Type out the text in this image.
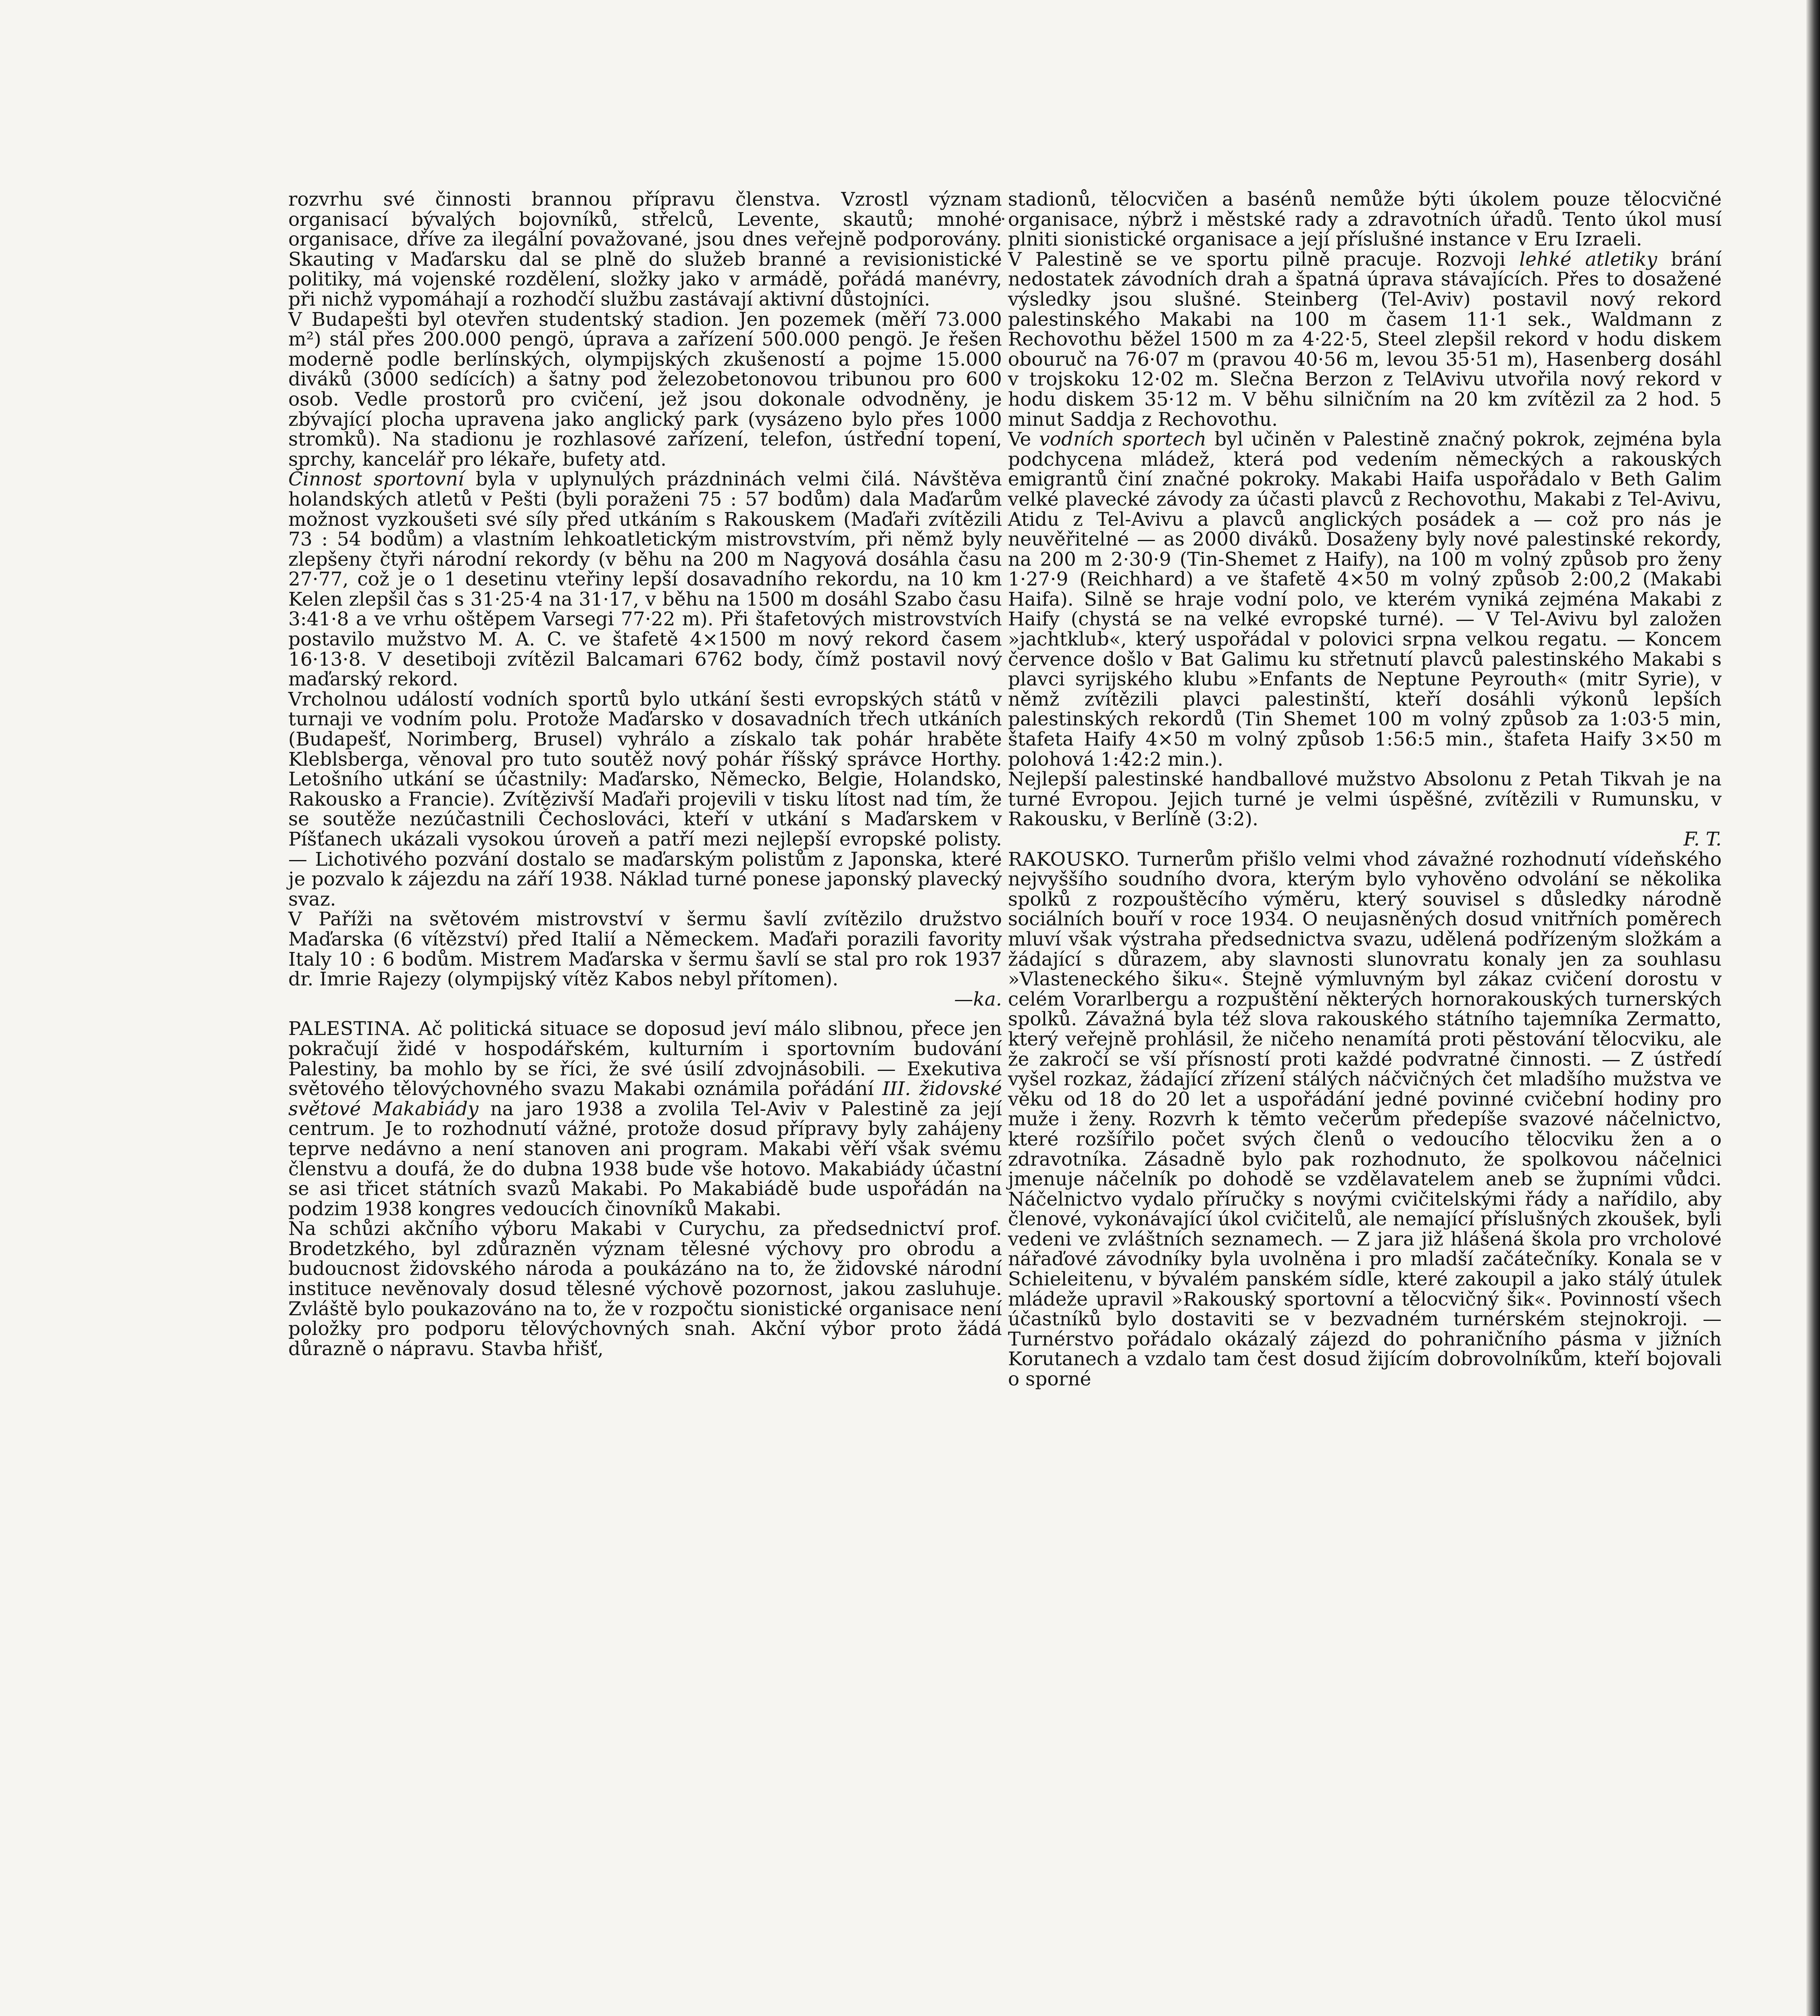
rozvrhu své činnosti brannou přípravu členstva. Vzrostl význam organisací bývalých bojovníků, střelců, Levente, skautů; mnohé organisace, dříve za ilegální považované, jsou dnes veřejně podporovány. Skauting v Maďarsku dal se plně do služeb branné a revisionistické politiky, má vojenské rozdělení, složky jako v armádě, pořádá manévry, při nichž vypomáhají a rozhodčí službu zastávají aktivní důstojníci.

V Budapešti byl otevřen studentský stadion. Jen pozemek (měří 73.000 m²) stál přes 200.000 pengö, úprava a zařízení 500.000 pengö. Je řešen moderně podle berlínských, olympijských zkušeností a pojme 15.000 diváků (3000 sedících) a šatny pod železobetonovou tribunou pro 600 osob. Vedle prostorů pro cvičení, jež jsou dokonale odvodněny, je zbývající plocha upravena jako anglický park (vysázeno bylo přes 1000 stromků). Na stadionu je rozhlasové zařízení, telefon, ústřední topení, sprchy, kancelář pro lékaře, bufety atd.

Činnost sportovní byla v uplynulých prázdninách velmi čilá. Návštěva holandských atletů v Pešti (byli poraženi 75 : 57 bodům) dala Maďarům možnost vyzkoušeti své síly před utkáním s Rakouskem (Maďaři zvítězili 73 : 54 bodům) a vlastním lehkoatletickým mistrovstvím, při němž byly zlepšeny čtyři národní rekordy (v běhu na 200 m Nagyová dosáhla času 27·77, což je o 1 desetinu vteřiny lepší dosavadního rekordu, na 10 km Kelen zlepšil čas s 31·25·4 na 31·17, v běhu na 1500 m dosáhl Szabo času 3:41·8 a ve vrhu oštěpem Varsegi 77·22 m). Při štafetových mistrovstvích postavilo mužstvo M. A. C. ve štafetě 4×1500 m nový rekord časem 16·13·8. V desetiboji zvítězil Balcamari 6762 body, čímž postavil nový maďarský rekord.

Vrcholnou událostí vodních sportů bylo utkání šesti evropských států v turnaji ve vodním polu. Protože Maďarsko v dosavadních třech utkáních (Budapešť, Norimberg, Brusel) vyhrálo a získalo tak pohár hraběte Kleblsberga, věnoval pro tuto soutěž nový pohár říšský správce Horthy. Letošního utkání se účastnily: Maďarsko, Německo, Belgie, Holandsko, Rakousko a Francie). Zvítězivší Maďaři projevili v tisku lítost nad tím, že se soutěže nezúčastnili Čechoslováci, kteří v utkání s Maďarskem v Píšťanech ukázali vysokou úroveň a patří mezi nejlepší evropské polisty. — Lichotivého pozvání dostalo se maďarským polistům z Japonska, které je pozvalo k zájezdu na září 1938. Náklad turné ponese japonský plavecký svaz.

V Paříži na světovém mistrovství v šermu šavlí zvítězilo družstvo Maďarska (6 vítězství) před Italií a Německem. Maďaři porazili favority Italy 10 : 6 bodům. Mistrem Maďarska v šermu šavlí se stal pro rok 1937 dr. Imrie Rajezy (olympijský vítěz Kabos nebyl přítomen).
—ka.

PALESTINA. Ač politická situace se doposud jeví málo slibnou, přece jen pokračují židé v hospodářském, kulturním i sportovním budování Palestiny, ba mohlo by se říci, že své úsilí zdvojnásobili. — Exekutiva světového tělovýchovného svazu Makabi oznámila pořádání III. židovské světové Makabiády na jaro 1938 a zvolila Tel-Aviv v Palestině za její centrum. Je to rozhodnutí vážné, protože dosud přípravy byly zahájeny teprve nedávno a není stanoven ani program. Makabi věří však svému členstvu a doufá, že do dubna 1938 bude vše hotovo. Makabiády účastní se asi třicet státních svazů Makabi. Po Makabiádě bude uspořádán na podzim 1938 kongres vedoucích činovníků Makabi.

Na schůzi akčního výboru Makabi v Curychu, za předsednictví prof. Brodetzkého, byl zdůrazněn význam tělesné výchovy pro obrodu a budoucnost židovského národa a poukázáno na to, že židovské národní instituce nevěnovaly dosud tělesné výchově pozornost, jakou zasluhuje. Zvláště bylo poukazováno na to, že v rozpočtu sionistické organisace není položky pro podporu tělovýchovných snah. Akční výbor proto žádá důrazně o nápravu. Stavba hřišť,

stadionů, tělocvičen a basénů nemůže býti úkolem pouze tělocvičné organisace, nýbrž i městské rady a zdravotních úřadů. Tento úkol musí plniti sionistické organisace a její příslušné instance v Eru Izraeli.

V Palestině se ve sportu pilně pracuje. Rozvoji lehké atletiky brání nedostatek závodních drah a špatná úprava stávajících. Přes to dosažené výsledky jsou slušné. Steinberg (Tel-Aviv) postavil nový rekord palestinského Makabi na 100 m časem 11·1 sek., Waldmann z Rechovothu běžel 1500 m za 4·22·5, Steel zlepšil rekord v hodu diskem obouruč na 76·07 m (pravou 40·56 m, levou 35·51 m), Hasenberg dosáhl v trojskoku 12·02 m. Slečna Berzon z TelAvivu utvořila nový rekord v hodu diskem 35·12 m. V běhu silničním na 20 km zvítězil za 2 hod. 5 minut Saddja z Rechovothu.

Ve vodních sportech byl učiněn v Palestině značný pokrok, zejména byla podchycena mládež, která pod vedením německých a rakouských emigrantů činí značné pokroky. Makabi Haifa uspořádalo v Beth Galim velké plavecké závody za účasti plavců z Rechovothu, Makabi z Tel-Avivu, Atidu z Tel-Avivu a plavců anglických posádek a — což pro nás je neuvěřitelné — as 2000 diváků. Dosaženy byly nové palestinské rekordy, na 200 m 2·30·9 (Tin-Shemet z Haify), na 100 m volný způsob pro ženy 1·27·9 (Reichhard) a ve štafetě 4×50 m volný způsob 2:00,2 (Makabi Haifa). Silně se hraje vodní polo, ve kterém vyniká zejména Makabi z Haify (chystá se na velké evropské turné). — V Tel-Avivu byl založen »jachtklub«, který uspořádal v polovici srpna velkou regatu. — Koncem července došlo v Bat Galimu ku střetnutí plavců palestinského Makabi s plavci syrijského klubu »Enfants de Neptune Peyrouth« (mitr Syrie), v němž zvítězili plavci palestinští, kteří dosáhli výkonů lepších palestinských rekordů (Tin Shemet 100 m volný způsob za 1:03·5 min, štafeta Haify 4×50 m volný způsob 1:56:5 min., štafeta Haify 3×50 m polohová 1:42:2 min.).

Nejlepší palestinské handballové mužstvo Absolonu z Petah Tikvah je na turné Evropou. Jejich turné je velmi úspěšné, zvítězili v Rumunsku, v Rakousku, v Berlíně (3:2).
F. T.

RAKOUSKO. Turnerům přišlo velmi vhod závažné rozhodnutí vídeňského nejvyššího soudního dvora, kterým bylo vyhověno odvolání se několika spolků z rozpouštěcího výměru, který souvisel s důsledky národně sociálních bouří v roce 1934. O neujasněných dosud vnitřních poměrech mluví však výstraha předsednictva svazu, udělená podřízeným složkám a žádající s důrazem, aby slavnosti slunovratu konaly jen za souhlasu »Vlasteneckého šiku«. Stejně výmluvným byl zákaz cvičení dorostu v celém Vorarlbergu a rozpuštění některých hornorakouských turnerských spolků. Závažná byla též slova rakouského státního tajemníka Zermatto, který veřejně prohlásil, že ničeho nenamítá proti pěstování tělocviku, ale že zakročí se vší přísností proti každé podvratné činnosti. — Z ústředí vyšel rozkaz, žádající zřízení stálých náčvičných čet mladšího mužstva ve věku od 18 do 20 let a uspořádání jedné povinné cvičební hodiny pro muže i ženy. Rozvrh k těmto večerům předepíše svazové náčelnictvo, které rozšířilo počet svých členů o vedoucího tělocviku žen a o zdravotníka. Zásadně bylo pak rozhodnuto, že spolkovou náčelnici jmenuje náčelník po dohodě se vzdělavatelem aneb se župními vůdci. Náčelnictvo vydalo příručky s novými cvičitelskými řády a nařídilo, aby členové, vykonávající úkol cvičitelů, ale nemající příslušných zkoušek, byli vedeni ve zvláštních seznamech. — Z jara již hlášená škola pro vrcholové nářaďové závodníky byla uvolněna i pro mladší začátečníky. Konala se v Schieleitenu, v bývalém panském sídle, které zakoupil a jako stálý útulek mládeže upravil »Rakouský sportovní a tělocvičný šik«. Povinností všech účastníků bylo dostaviti se v bezvadném turnérském stejnokroji. — Turnérstvo pořádalo okázalý zájezd do pohraničního pásma v jižních Korutanech a vzdalo tam čest dosud žijícím dobrovolníkům, kteří bojovali o sporné
